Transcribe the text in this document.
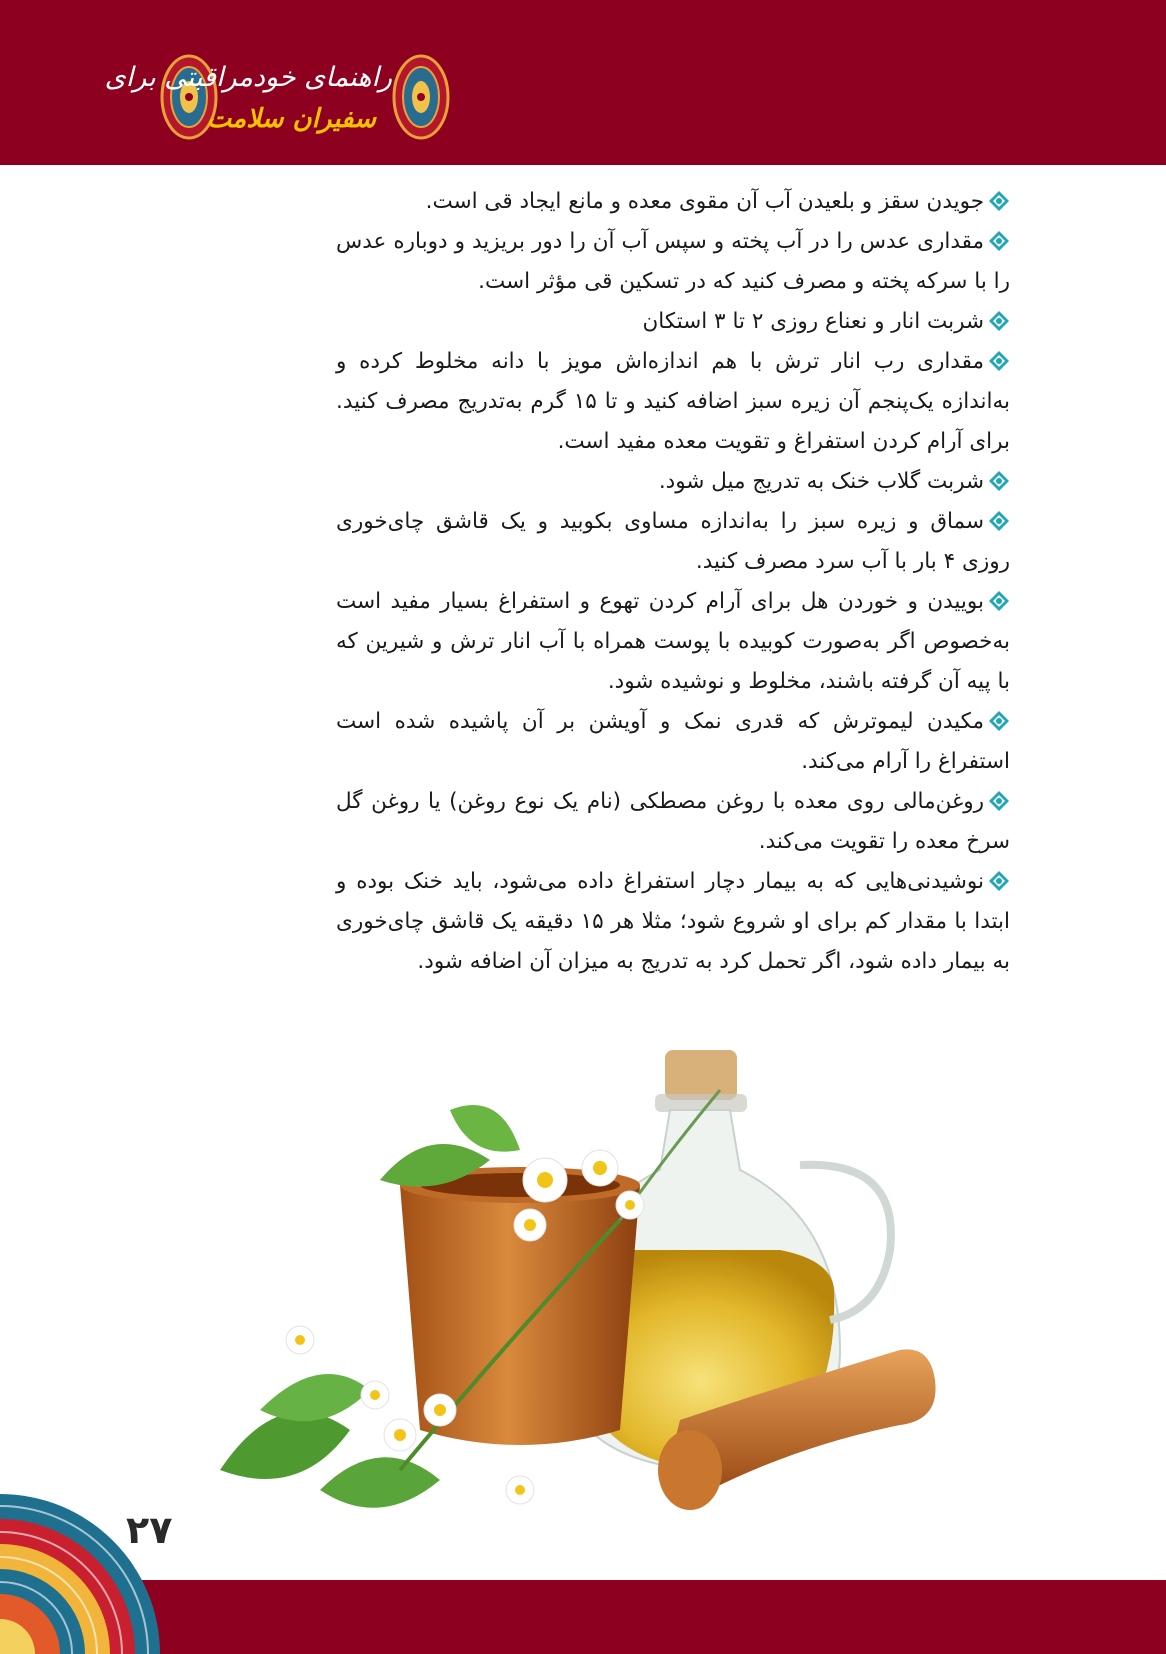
راهنمای خودمراقبتی برای
سفیران سلامت

جویدن سقز و بلعیدن آب آن مقوی معده و مانع ایجاد قی است.

مقداری عدس را در آب پخته و سپس آب آن را دور بریزید و دوباره عدس را با سرکه پخته و مصرف کنید که در تسکین قی مؤثر است.

شربت انار و نعناع روزی ۲ تا ۳ استکان

مقداری رب انار ترش با هم اندازه‌اش مویز با دانه مخلوط کرده و به‌اندازه یک‌پنجم آن زیره سبز اضافه کنید و تا ۱۵ گرم به‌تدریج مصرف کنید. برای آرام کردن استفراغ و تقویت معده مفید است.

شربت گلاب خنک به تدریج میل شود.

سماق و زیره سبز را به‌اندازه مساوی بکوبید و یک قاشق چای‌خوری روزی ۴ بار با آب سرد مصرف کنید.

بوییدن و خوردن هل برای آرام کردن تهوع و استفراغ بسیار مفید است به‌خصوص اگر به‌صورت کوبیده با پوست همراه با آب انار ترش و شیرین که با پیه آن گرفته باشند، مخلوط و نوشیده شود.

مکیدن لیموترش که قدری نمک و آویشن بر آن پاشیده شده است استفراغ را آرام می‌کند.

روغن‌مالی روی معده با روغن مصطکی (نام یک نوع روغن) یا روغن گل سرخ معده را تقویت می‌کند.

نوشیدنی‌هایی که به بیمار دچار استفراغ داده می‌شود، باید خنک بوده و ابتدا با مقدار کم برای او شروع شود؛ مثلا هر ۱۵ دقیقه یک قاشق چای‌خوری به بیمار داده شود، اگر تحمل کرد به تدریج به میزان آن اضافه شود.

۲۷
